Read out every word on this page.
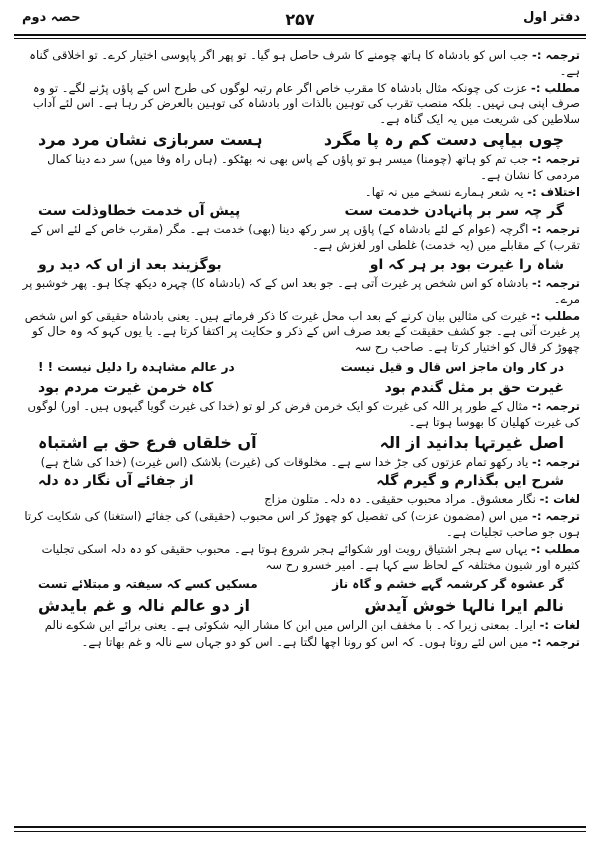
دفتر اول
۲۵۷
حصہ دوم

ترجمہ :- جب اس کو بادشاہ کا ہاتھ چومنے کا شرف حاصل ہو گیا۔ تو پھر اگر پاپوسی اختیار کرے۔ تو اخلاقی گناہ ہے۔

مطلب :- عزت کی چونکہ مثال بادشاہ کا مقرب خاص اگر عام رتبہ لوگوں کی طرح اس کے پاؤں پڑنے لگے۔ تو وہ صرف اپنی ہی نہیں۔ بلکہ منصب تقرب کی توہین بالذات اور بادشاہ کی توہین بالعرض کر رہا ہے۔ اس لئے آداب سلاطین کی شریعت میں یہ ایک گناہ ہے۔

چوں بیاپی دست کم رہ پا مگرد
ہست سربازی نشان مرد مرد

ترجمہ :- جب تم کو ہاتھ (چومنا) میسر ہو تو پاؤں کے پاس بھی نہ بھٹکو۔ (ہاں راہ وفا میں) سر دے دینا کمال مردمی کا نشان ہے۔

اختلاف :- یہ شعر ہمارے نسخے میں نہ تھا۔

گر چہ سر بر پانہادن خدمت ست
پیش آں خدمت خطاوذلت ست

ترجمہ :- اگرچہ (عوام کے لئے بادشاہ کے) پاؤں پر سر رکھ دینا (بھی) خدمت ہے۔ مگر (مقرب خاص کے لئے اس کے تقرب) کے مقابلے میں (یہ خدمت) غلطی اور لغزش ہے۔

شاہ را غیرت بود بر ہر کہ او
بوگزیند بعد از اں کہ دید رو

ترجمہ :- بادشاہ کو اس شخص پر غیرت آتی ہے۔ جو بعد اس کے کہ (بادشاہ کا) چہرہ دیکھ چکا ہو۔ پھر خوشبو پر مرے۔

مطلب :- غیرت کی مثالیں بیان کرنے کے بعد اب محل غیرت کا ذکر فرماتے ہیں۔ یعنی بادشاہ حقیقی کو اس شخص پر غیرت آتی ہے۔ جو کشف حقیقت کے بعد صرف اس کے ذکر و حکایت پر اکتفا کرتا ہے۔ یا یوں کہو کہ وہ حال کو چھوڑ کر قال کو اختیار کرتا ہے۔ صاحب رح سہ

در کار وان ماجز اس قال و قیل نیست
در عالم مشاہدہ را دلیل نیست ! !
غیرت حق بر مثل گندم بود
کاہ خرمن غیرت مردم بود

ترجمہ :- مثال کے طور پر اللہ کی غیرت کو ایک خرمن فرض کر لو تو (خدا کی غیرت گویا گیہوں ہیں۔ اور) لوگوں کی غیرت کھلیان کا بھوسا ہوتا ہے۔

اصل غیرتہا بدانید از الہ
آں خلقاں فرع حق بے اشتباہ

ترجمہ :- یاد رکھو تمام عزتوں کی جڑ خدا سے ہے۔ مخلوقات کی (غیرت) بلاشک (اس غیرت) (خدا کی شاخ ہے)

شرح ایں بگذارم و گیرم گلہ
از جفائے آں نگار دہ دلہ

لغات :- نگار معشوق۔ مراد محبوب حقیقی۔ دہ دلہ۔ متلون مزاج

ترجمہ :- میں اس (مضمون عزت) کی تفصیل کو چھوڑ کر اس محبوب (حقیقی) کی جفائے (استغنا) کی شکایت کرتا ہوں جو صاحب تجلیات ہے۔

مطلب :- یہاں سے ہجر اشتیاق رویت اور شکوائے ہجر شروع ہوتا ہے۔ محبوب حقیقی کو دہ دلہ اسکی تجلیات کثیرہ اور شیون مختلفہ کے لحاظ سے کہا ہے۔ امیر خسرو رح سہ

گر عشوہ گر کرشمہ گہے خشم و گاہ ناز
مسکیں کسے کہ سیفتہ و مبتلائے تست
نالم ایرا نالہا خوش آیدش
از دو عالم نالہ و غم بایدش

لغات :- ایرا۔ بمعنی زیرا کہ۔ با مخفف ابن الراس میں ابن کا مشار الیہ شکوئی ہے۔ یعنی برائے ایں شکوے نالم

ترجمہ :- میں اس لئے روتا ہوں۔ کہ اس کو رونا اچھا لگتا ہے۔ اس کو دو جہاں سے نالہ و غم بھاتا ہے۔
